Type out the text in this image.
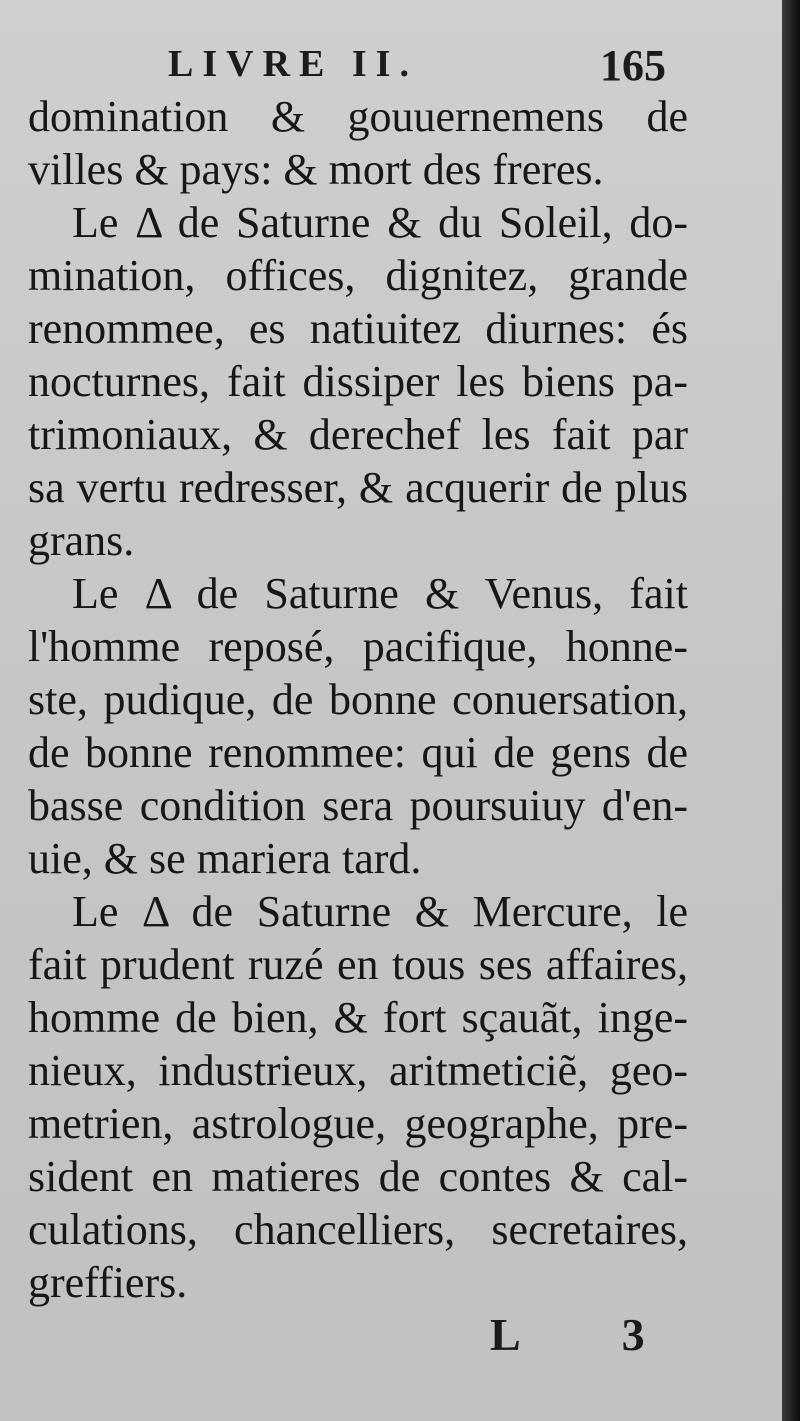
LIVRE II.	165
domination & gouuernemens de
villes & pays: & mort des freres.
Le Δ de Saturne & du Soleil, do-
mination, offices, dignitez, grande
renommee, es natiuitez diurnes: és
nocturnes, fait dissiper les biens pa-
trimoniaux, & derechef les fait par
sa vertu redresser, & acquerir de plus
grans.
Le Δ de Saturne & Venus, fait
l'homme reposé, pacifique, honne-
ste, pudique, de bonne conuersation,
de bonne renommee: qui de gens de
basse condition sera poursuiuy d'en-
uie, & se mariera tard.
Le Δ de Saturne & Mercure, le
fait prudent ruzé en tous ses affaires,
homme de bien, & fort sçauãt, inge-
nieux, industrieux, aritmeticiẽ, geo-
metrien, astrologue, geographe, pre-
sident en matieres de contes & cal-
culations, chancelliers, secretaires,
greffiers.
L 3
